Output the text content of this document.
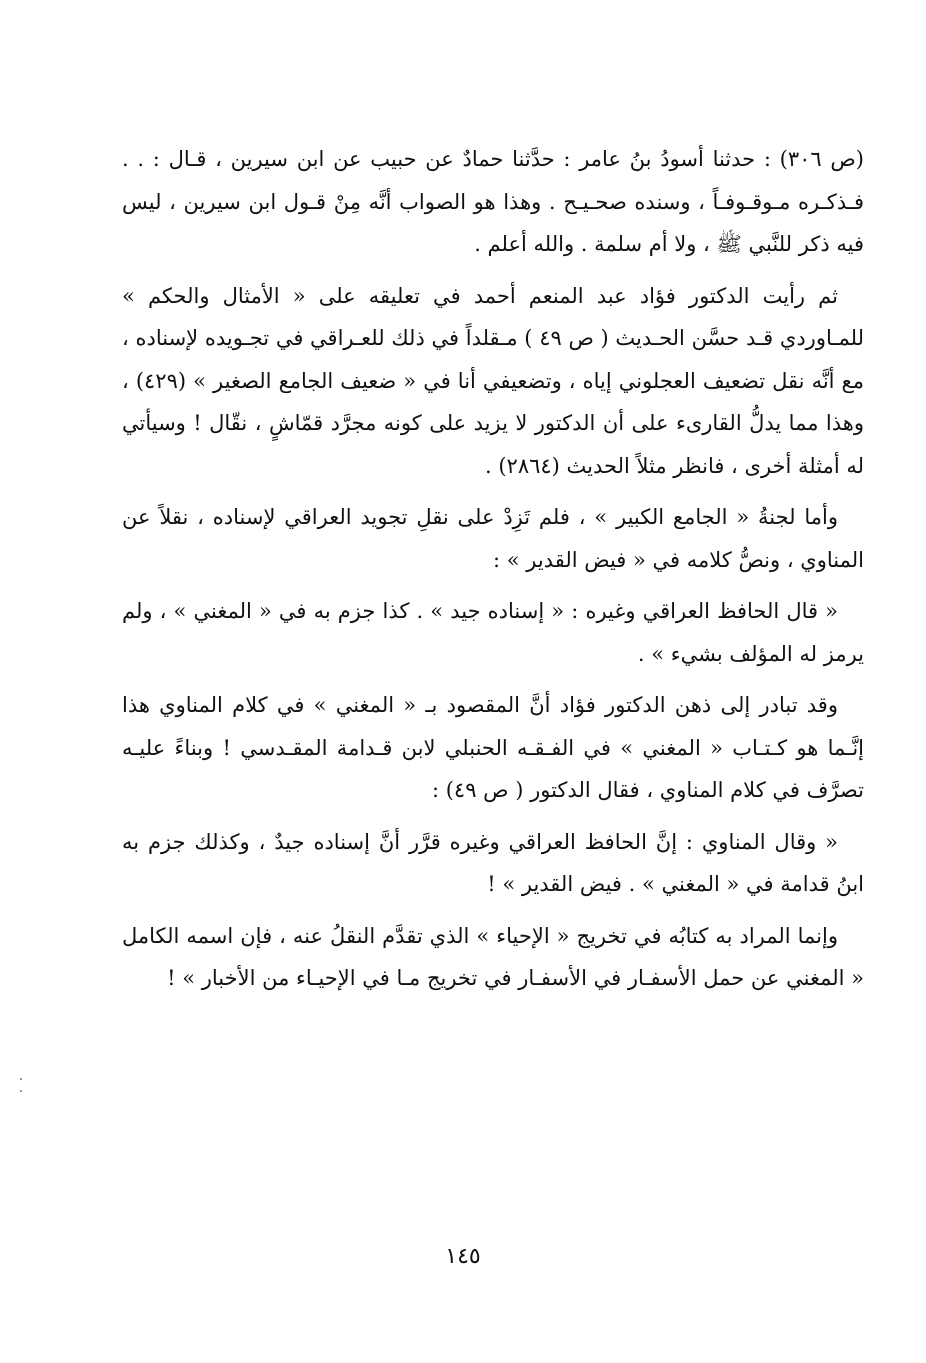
(ص ٣٠٦) : حدثنا أسودُ بنُ عامر : حدَّثنا حمادٌ عن حبيب عن ابن سيرين ، قـال : . . فـذكـره مـوقـوفـاً ، وسنده صحـيـح . وهذا هو الصواب أنَّه مِنْ قـول ابن سيرين ، ليس فيه ذكر للنَّبي ﷺ ، ولا أم سلمة . والله أعلم .

ثم رأيت الدكتور فؤاد عبد المنعم أحمد في تعليقه على « الأمثال والحكم » للمـاوردي قـد حسَّن الحـديث ( ص ٤٩ ) مـقلداً في ذلك للعـراقي في تجـويده لإسناده ، مع أنَّه نقل تضعيف العجلوني إياه ، وتضعيفي أنا في « ضعيف الجامع الصغير » (٤٢٩) ، وهذا مما يدلُّ القارىء على أن الدكتور لا يزيد على كونه مجرَّد قمّاشٍ ، نقّال ! وسيأتي له أمثلة أخرى ، فانظر مثلاً الحديث (٢٨٦٤) .

وأما لجنةُ « الجامع الكبير » ، فلم تَزِدْ على نقلِ تجويد العراقي لإسناده ، نقلاً عن المناوي ، ونصُّ كلامه في « فيض القدير » :

« قال الحافظ العراقي وغيره : « إسناده جيد » . كذا جزم به في « المغني » ، ولم يرمز له المؤلف بشيء » .

وقد تبادر إلى ذهن الدكتور فؤاد أنَّ المقصود بـ « المغني » في كلام المناوي هذا إنَّـما هو كـتـاب « المغني » في الفـقـه الحنبلي لابن قـدامة المقـدسي ! وبناءً عليـه تصرَّف في كلام المناوي ، فقال الدكتور ( ص ٤٩) :

« وقال المناوي : إنَّ الحافظ العراقي وغيره قرَّر أنَّ إسناده جيدٌ ، وكذلك جزم به ابنُ قدامة في « المغني » . فيض القدير » !

وإنما المراد به كتابُه في تخريج « الإحياء » الذي تقدَّم النقلُ عنه ، فإن اسمه الكامل « المغني عن حمل الأسفـار في الأسفـار في تخريج مـا في الإحيـاء من الأخبار » !

١٤٥
